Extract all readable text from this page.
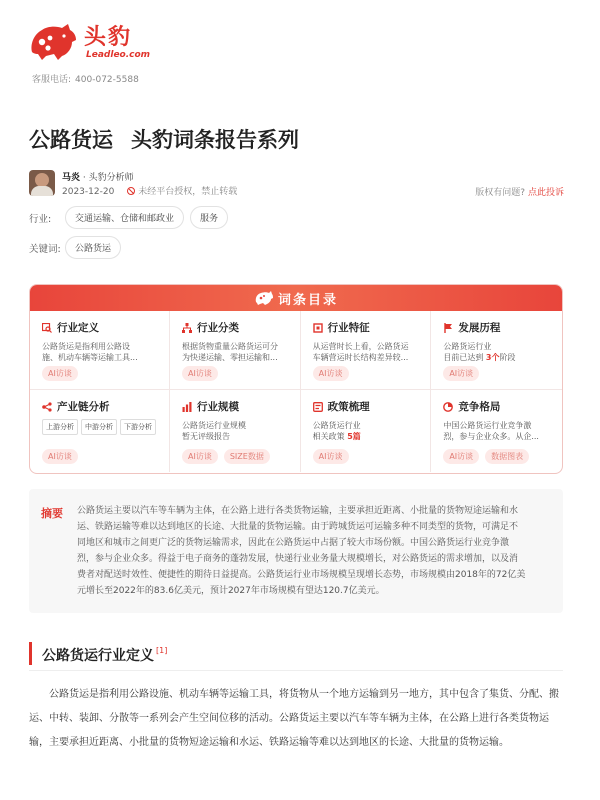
头豹
Leadleo.com
客服电话: 400-072-5588
公路货运 头豹词条报告系列
马炎 · 头豹分析师
2023-12-20	未经平台授权，禁止转载	版权有问题? 点此投诉
行业:	交通运输、仓储和邮政业	服务
关键词:	公路货运
词条目录
行业定义
公路货运是指利用公路设
施、机动车辆等运输工具...
AI访谈
行业分类
根据货物重量公路货运可分
为快递运输、零担运输和...
AI访谈
行业特征
从运营时长上看，公路货运
车辆营运时长结构差异较...
AI访谈
发展历程
公路货运行业
目前已达到 3个阶段
AI访谈
产业链分析
上游分析	中游分析	下游分析
AI访谈
行业规模
公路货运行业规模
暂无评级报告
AI访谈	SIZE数据
政策梳理
公路货运行业
相关政策 5篇
AI访谈
竞争格局
中国公路货运行业竞争激
烈，参与企业众多。从企...
AI访谈	数据图表
摘要 公路货运主要以汽车等车辆为主体，在公路上进行各类货物运输，主要承担近距离、小批量的货物短途运输和水
运、铁路运输等难以达到地区的长途、大批量的货物运输。由于跨城货运可运输多种不同类型的货物，可满足不
同地区和城市之间更广泛的货物运输需求，因此在公路货运中占据了较大市场份额。中国公路货运行业竞争激
烈，参与企业众多。得益于电子商务的蓬勃发展，快递行业业务量大规模增长，对公路货运的需求增加，以及消
费者对配送时效性、便捷性的期待日益提高。公路货运行业市场规模呈现增长态势，市场规模由2018年的72亿美
元增长至2022年的83.6亿美元，预计2027年市场规模有望达120.7亿美元。
公路货运行业定义 [1]

公路货运是指利用公路设施、机动车辆等运输工具，将货物从一个地方运输到另一地方，其中包含了集货、分配、搬运、中转、装卸、分散等一系列会产生空间位移的活动。公路货运主要以汽车等车辆为主体，在公路上进行各类货物运输，主要承担近距离、小批量的货物短途运输和水运、铁路运输等难以达到地区的长途、大批量的货物运输。
